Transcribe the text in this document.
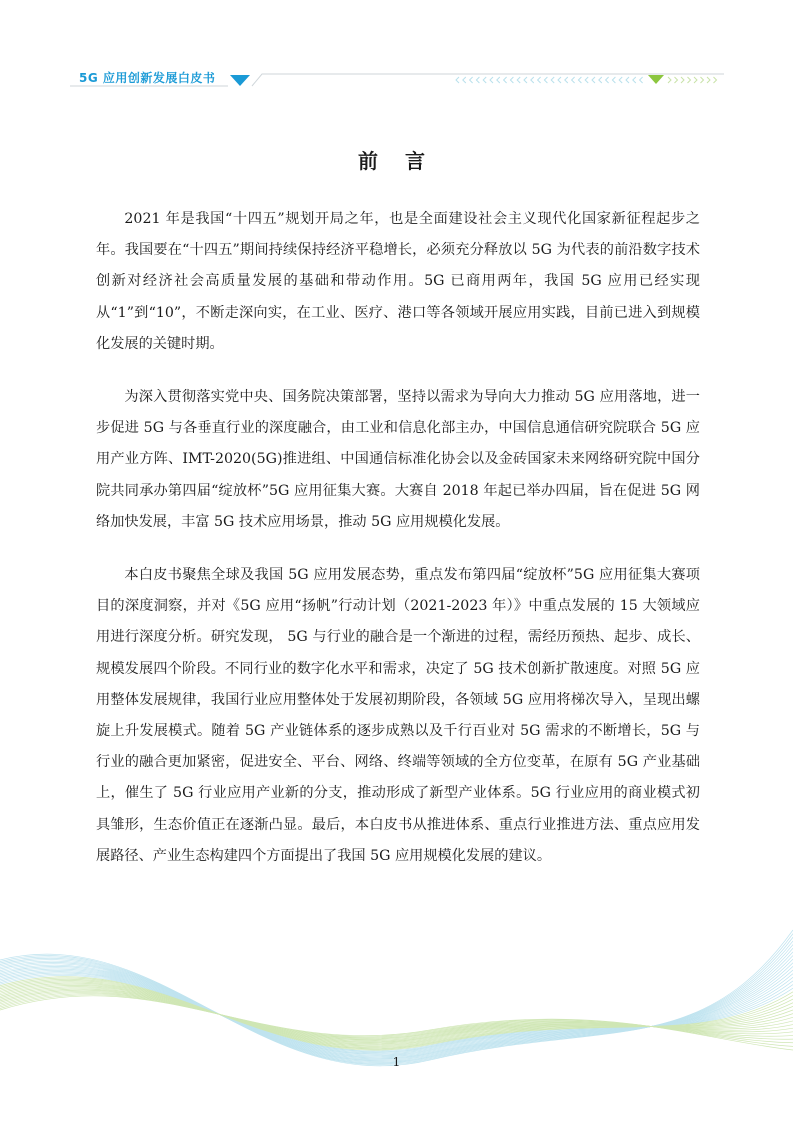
5G 应用创新发展白皮书
前 言

2021 年是我国“十四五”规划开局之年，也是全面建设社会主义现代化国家新征程起步之年。我国要在“十四五”期间持续保持经济平稳增长，必须充分释放以 5G 为代表的前沿数字技术创新对经济社会高质量发展的基础和带动作用。5G 已商用两年，我国 5G 应用已经实现从“1”到“10”，不断走深向实，在工业、医疗、港口等各领域开展应用实践，目前已进入到规模化发展的关键时期。

为深入贯彻落实党中央、国务院决策部署，坚持以需求为导向大力推动 5G 应用落地，进一步促进 5G 与各垂直行业的深度融合，由工业和信息化部主办，中国信息通信研究院联合 5G 应用产业方阵、IMT-2020(5G)推进组、中国通信标准化协会以及金砖国家未来网络研究院中国分院共同承办第四届“绽放杯”5G 应用征集大赛。大赛自 2018 年起已举办四届，旨在促进 5G 网络加快发展，丰富 5G 技术应用场景，推动 5G 应用规模化发展。

本白皮书聚焦全球及我国 5G 应用发展态势，重点发布第四届“绽放杯”5G 应用征集大赛项目的深度洞察，并对《5G 应用“扬帆”行动计划（2021-2023 年）》中重点发展的 15 大领域应用进行深度分析。研究发现， 5G 与行业的融合是一个渐进的过程，需经历预热、起步、成长、规模发展四个阶段。不同行业的数字化水平和需求，决定了 5G 技术创新扩散速度。对照 5G 应用整体发展规律，我国行业应用整体处于发展初期阶段，各领域 5G 应用将梯次导入，呈现出螺旋上升发展模式。随着 5G 产业链体系的逐步成熟以及千行百业对 5G 需求的不断增长，5G 与行业的融合更加紧密，促进安全、平台、网络、终端等领域的全方位变革，在原有 5G 产业基础上，催生了 5G 行业应用产业新的分支，推动形成了新型产业体系。5G 行业应用的商业模式初具雏形，生态价值正在逐渐凸显。最后，本白皮书从推进体系、重点行业推进方法、重点应用发展路径、产业生态构建四个方面提出了我国 5G 应用规模化发展的建议。

1
